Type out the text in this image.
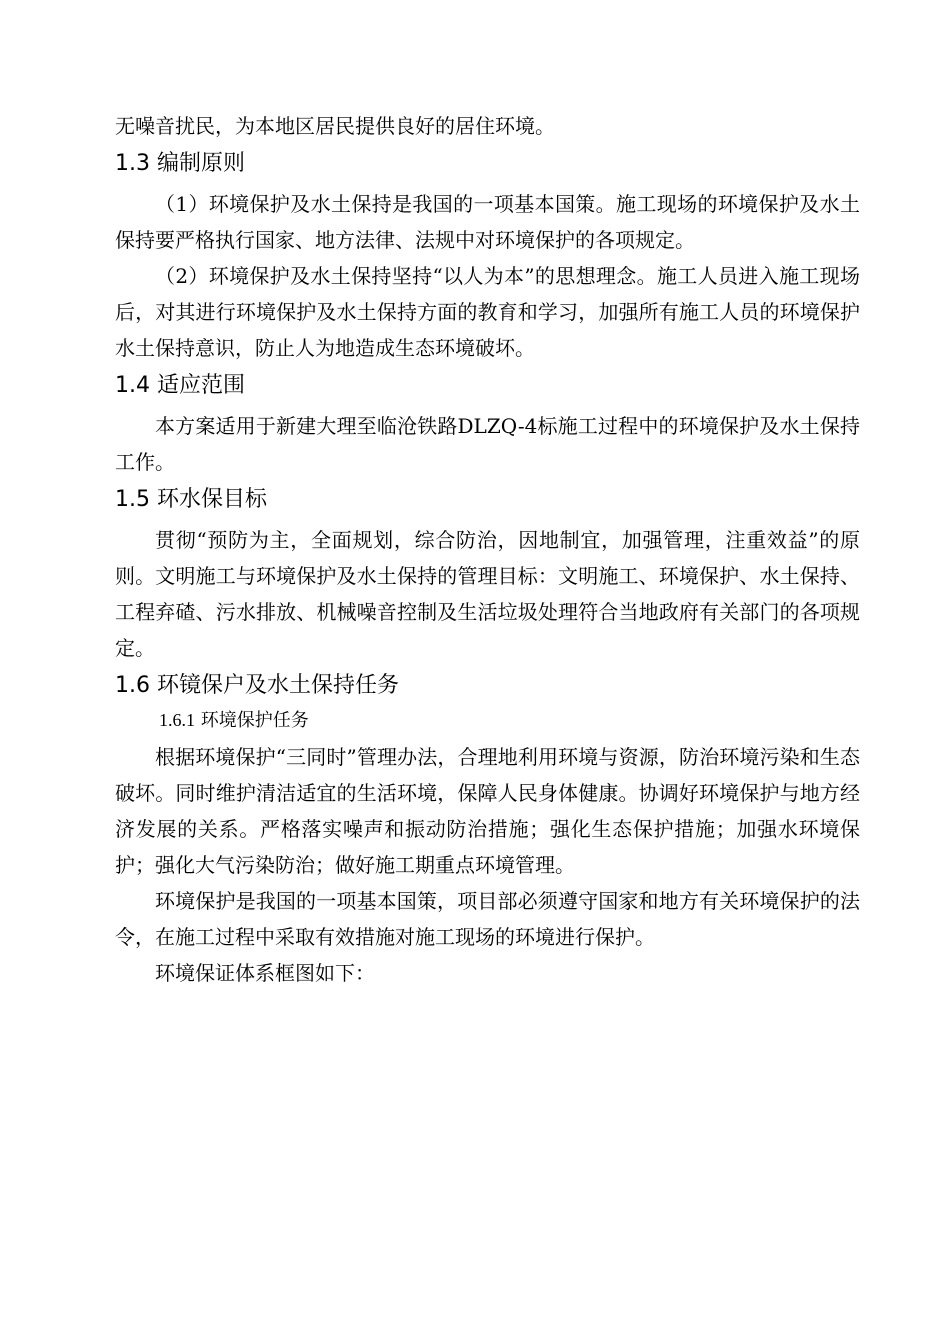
无噪音扰民，为本地区居民提供良好的居住环境。

1.3 编制原则

（1）环境保护及水土保持是我国的一项基本国策。施工现场的环境保护及水土保持要严格执行国家、地方法律、法规中对环境保护的各项规定。

（2）环境保护及水土保持坚持“以人为本”的思想理念。施工人员进入施工现场后，对其进行环境保护及水土保持方面的教育和学习，加强所有施工人员的环境保护水土保持意识，防止人为地造成生态环境破坏。

1.4 适应范围

本方案适用于新建大理至临沧铁路DLZQ-4标施工过程中的环境保护及水土保持工作。

1.5 环水保目标

贯彻“预防为主，全面规划，综合防治，因地制宜，加强管理，注重效益”的原则。文明施工与环境保护及水土保持的管理目标：文明施工、环境保护、水土保持、工程弃碴、污水排放、机械噪音控制及生活垃圾处理符合当地政府有关部门的各项规定。

1.6 环镜保户及水土保持任务
1.6.1 环境保护任务

根据环境保护“三同时”管理办法，合理地利用环境与资源，防治环境污染和生态破坏。同时维护清洁适宜的生活环境，保障人民身体健康。协调好环境保护与地方经济发展的关系。严格落实噪声和振动防治措施；强化生态保护措施；加强水环境保护；强化大气污染防治；做好施工期重点环境管理。

环境保护是我国的一项基本国策，项目部必须遵守国家和地方有关环境保护的法令，在施工过程中采取有效措施对施工现场的环境进行保护。

环境保证体系框图如下：
